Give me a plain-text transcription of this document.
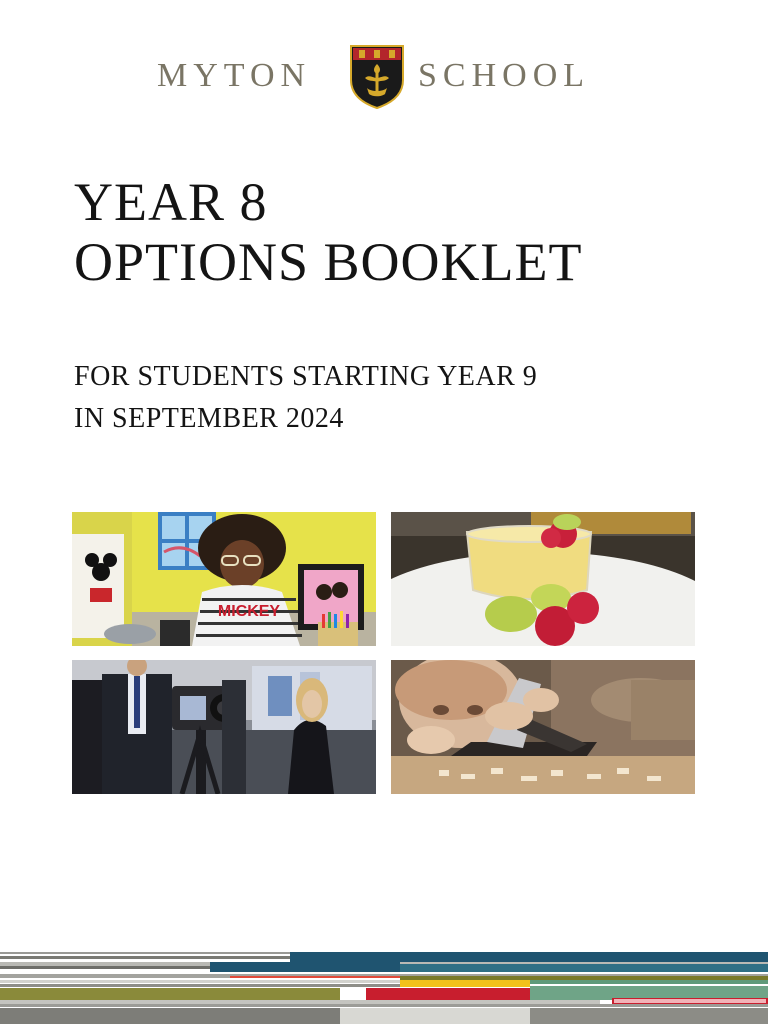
MYTON	SCHOOL
YEAR 8
OPTIONS BOOKLET
FOR STUDENTS STARTING YEAR 9
IN SEPTEMBER 2024
MICKEY
